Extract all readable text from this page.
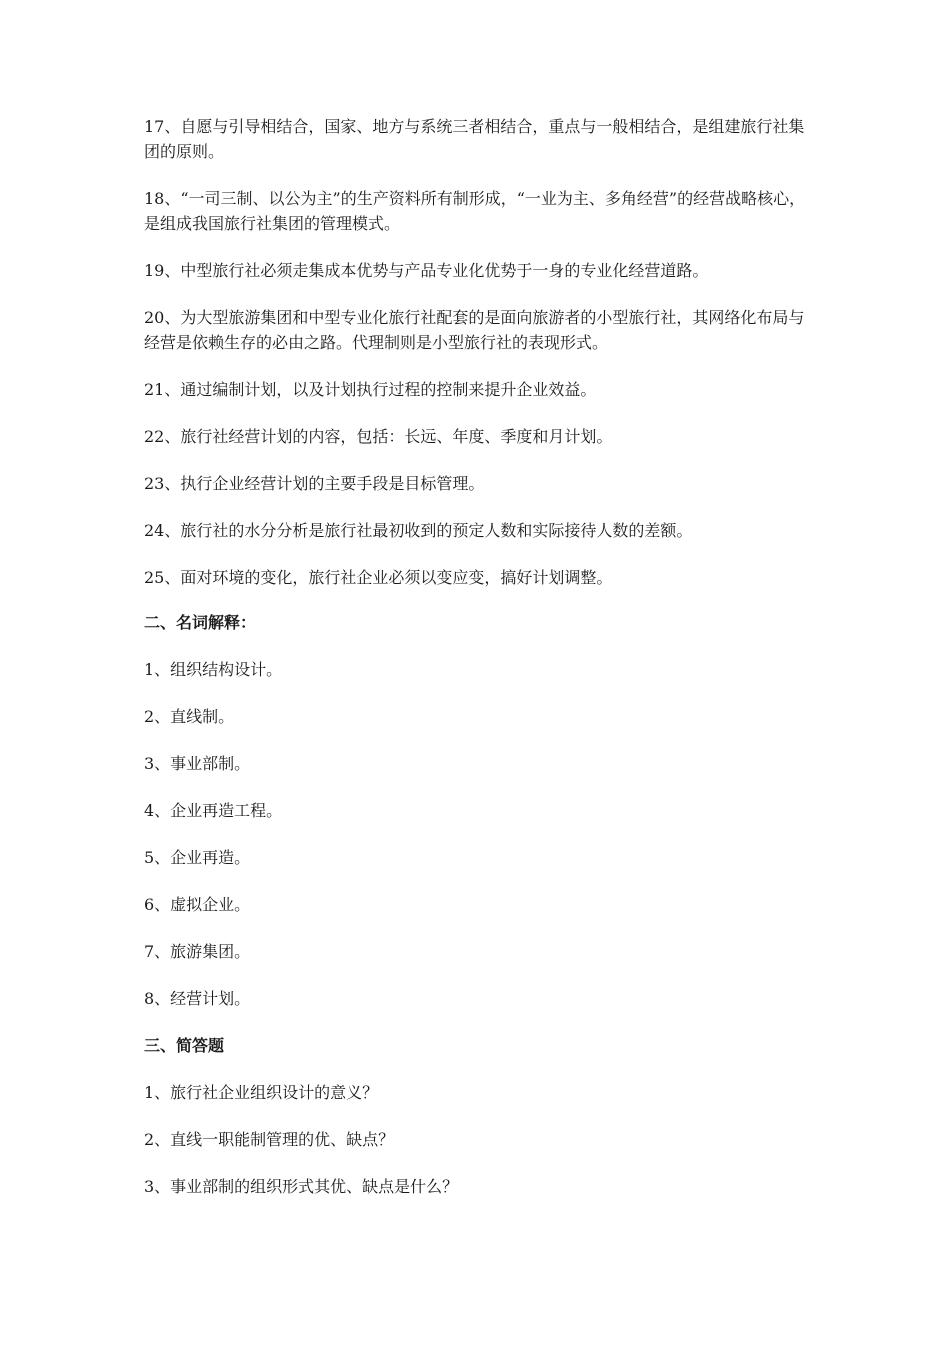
17、自愿与引导相结合，国家、地方与系统三者相结合，重点与一般相结合，是组建旅行社集团的原则。

18、“一司三制、以公为主”的生产资料所有制形成，“一业为主、多角经营”的经营战略核心，是组成我国旅行社集团的管理模式。

19、中型旅行社必须走集成本优势与产品专业化优势于一身的专业化经营道路。

20、为大型旅游集团和中型专业化旅行社配套的是面向旅游者的小型旅行社，其网络化布局与经营是依赖生存的必由之路。代理制则是小型旅行社的表现形式。

21、通过编制计划，以及计划执行过程的控制来提升企业效益。

22、旅行社经营计划的内容，包括：长远、年度、季度和月计划。

23、执行企业经营计划的主要手段是目标管理。

24、旅行社的水分分析是旅行社最初收到的预定人数和实际接待人数的差额。

25、面对环境的变化，旅行社企业必须以变应变，搞好计划调整。

二、名词解释：

1、组织结构设计。

2、直线制。

3、事业部制。

4、企业再造工程。

5、企业再造。

6、虚拟企业。

7、旅游集团。

8、经营计划。

三、简答题

1、旅行社企业组织设计的意义？

2、直线一职能制管理的优、缺点？

3、事业部制的组织形式其优、缺点是什么？
